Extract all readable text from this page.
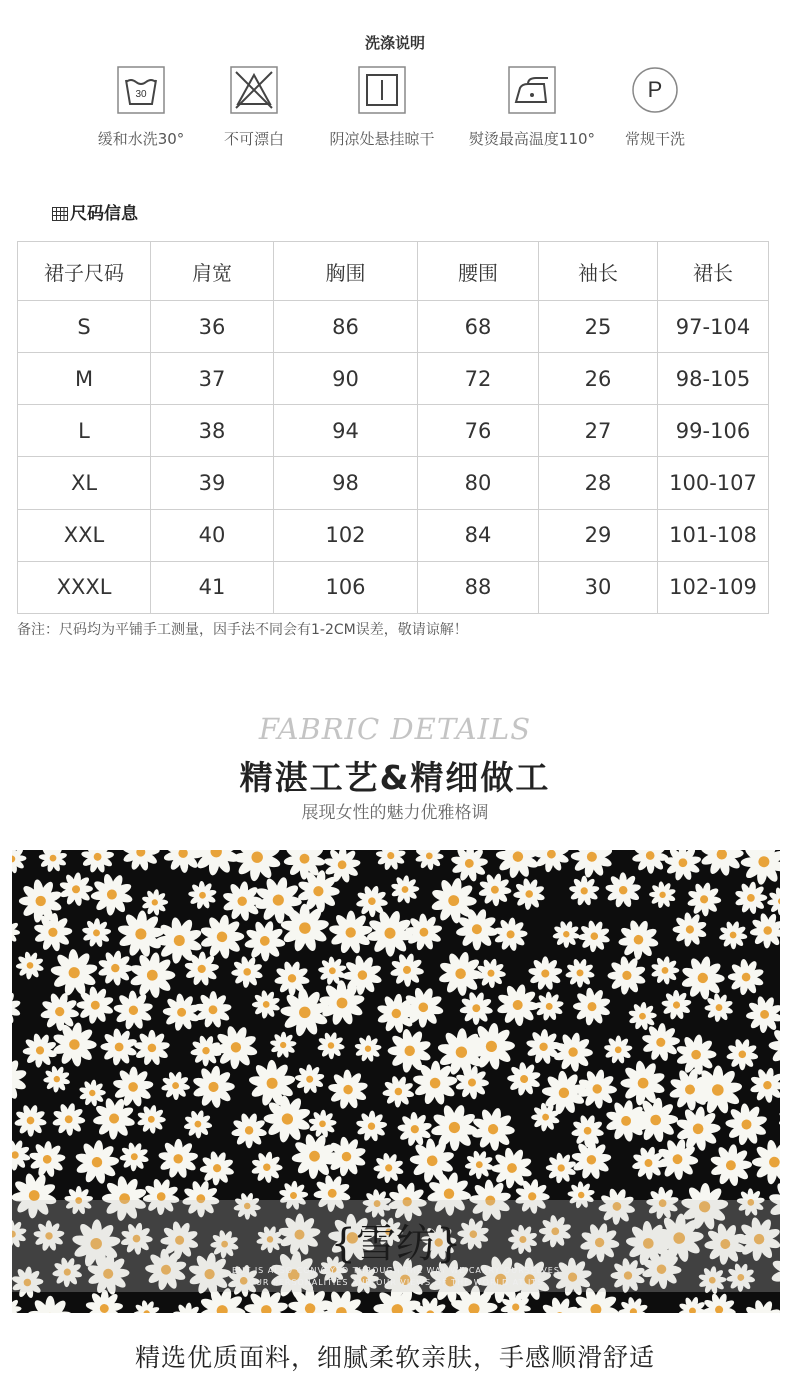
洗涤说明
30
缓和水洗30°	不可漂白	阴凉处悬挂晾干	熨烫最高温度110°
P
常规干洗
尺码信息
裙子尺码	肩宽	胸围	腰围	袖长	裙长
S	36	86	68	25	97-104
M	37	90	72	26	98-105
L	38	94	76	27	99-106
XL	39	98	80	28	100-107
XXL	40	102	84	29	101-108
XXXL	41	106	88	30	102-109
备注：尺码均为平铺手工测量，因手法不同会有1-2CM误差，敬请谅解！
FABRIC DETAILS
精湛工艺&精细做工
展现女性的魅力优雅格调
{雪纺}
BUT IS ALSO CONVEYED THROUGH THE WAY WE CARRY OURSELVES
OUR PERSONALITIES AND OUR VIEWS OF THE WORLD AT ITS
精选优质面料，细腻柔软亲肤，手感顺滑舒适
